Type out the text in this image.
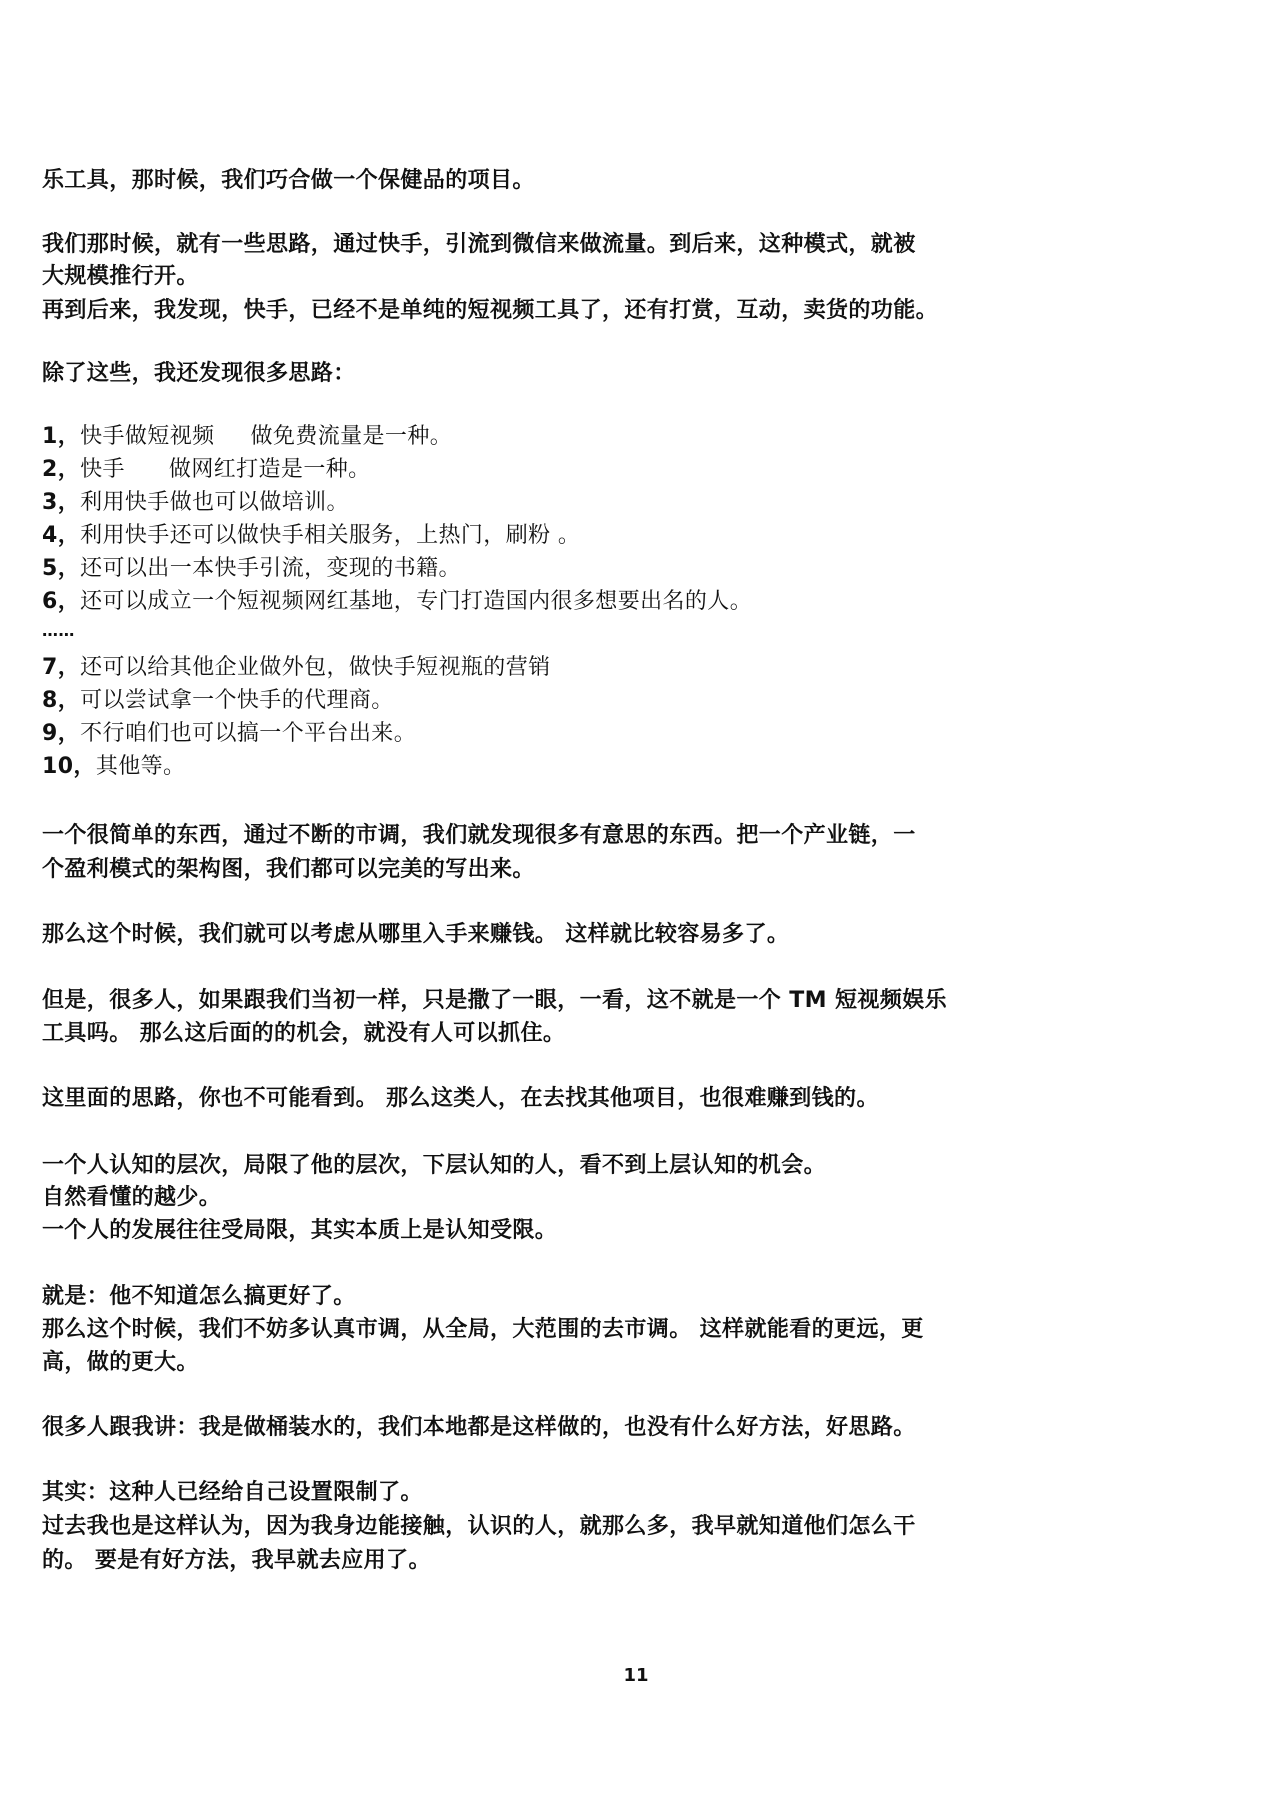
乐工具，那时候，我们巧合做一个保健品的项目。
我们那时候，就有一些思路，通过快手，引流到微信来做流量。到后来，这种模式，就被
大规模推行开。
再到后来，我发现，快手，已经不是单纯的短视频工具了，还有打赏，互动，卖货的功能。
除了这些，我还发现很多思路：
1，快手做短视频 做免费流量是一种。
2，快手 做网红打造是一种。
3，利用快手做也可以做培训。
4，利用快手还可以做快手相关服务，上热门，刷粉 。
5，还可以出一本快手引流，变现的书籍。
6，还可以成立一个短视频网红基地，专门打造国内很多想要出名的人。
……
7，还可以给其他企业做外包，做快手短视瓶的营销
8，可以尝试拿一个快手的代理商。
9，不行咱们也可以搞一个平台出来。
10，其他等。
一个很简单的东西，通过不断的市调，我们就发现很多有意思的东西。把一个产业链，一
个盈利模式的架构图，我们都可以完美的写出来。
那么这个时候，我们就可以考虑从哪里入手来赚钱。 这样就比较容易多了。
但是，很多人，如果跟我们当初一样，只是撒了一眼，一看，这不就是一个 TM 短视频娱乐
工具吗。 那么这后面的的机会，就没有人可以抓住。
这里面的思路，你也不可能看到。 那么这类人，在去找其他项目，也很难赚到钱的。
一个人认知的层次，局限了他的层次，下层认知的人，看不到上层认知的机会。
自然看懂的越少。
一个人的发展往往受局限，其实本质上是认知受限。
就是：他不知道怎么搞更好了。
那么这个时候，我们不妨多认真市调，从全局，大范围的去市调。 这样就能看的更远，更
高，做的更大。
很多人跟我讲：我是做桶装水的，我们本地都是这样做的，也没有什么好方法，好思路。
其实：这种人已经给自己设置限制了。
过去我也是这样认为，因为我身边能接触，认识的人，就那么多，我早就知道他们怎么干
的。 要是有好方法，我早就去应用了。
11
